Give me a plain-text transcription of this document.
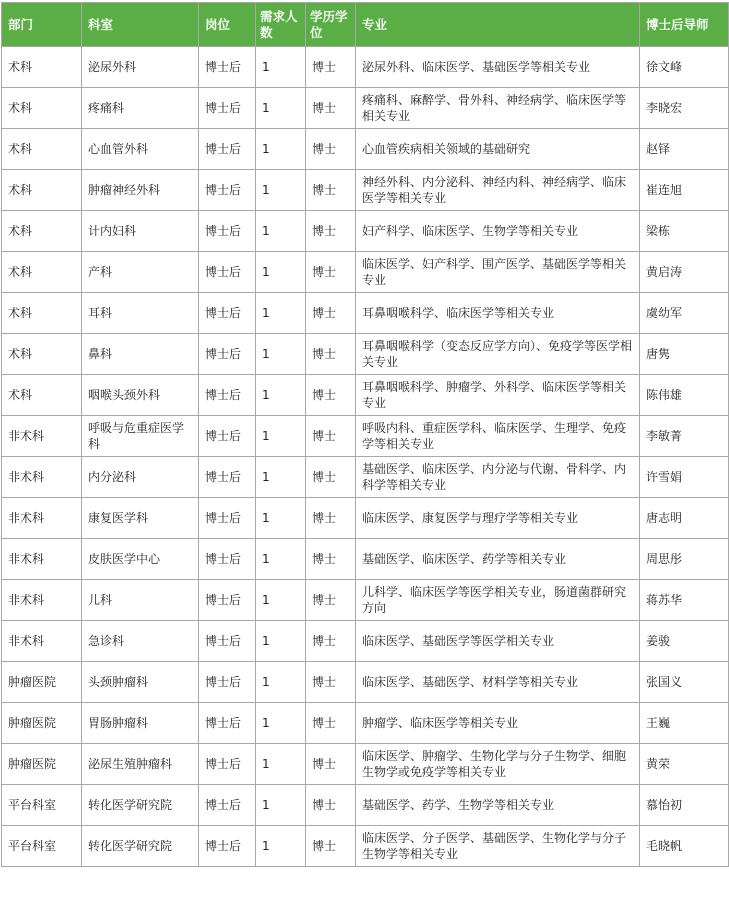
部门	科室	岗位	需求人数	学历学位	专业	博士后导师
术科	泌尿外科	博士后	1	博士	泌尿外科、临床医学、基础医学等相关专业	徐文峰
术科	疼痛科	博士后	1	博士	疼痛科、麻醉学、骨外科、神经病学、临床医学等相关专业	李晓宏
术科	心血管外科	博士后	1	博士	心血管疾病相关领域的基础研究	赵铎
术科	肿瘤神经外科	博士后	1	博士	神经外科、内分泌科、神经内科、神经病学、临床医学等相关专业	崔连旭
术科	计内妇科	博士后	1	博士	妇产科学、临床医学、生物学等相关专业	梁栋
术科	产科	博士后	1	博士	临床医学、妇产科学、围产医学、基础医学等相关专业	黄启涛
术科	耳科	博士后	1	博士	耳鼻咽喉科学、临床医学等相关专业	虞幼军
术科	鼻科	博士后	1	博士	耳鼻咽喉科学（变态反应学方向）、免疫学等医学相关专业	唐隽
术科	咽喉头颈外科	博士后	1	博士	耳鼻咽喉科学、肿瘤学、外科学、临床医学等相关专业	陈伟雄
非术科	呼吸与危重症医学科	博士后	1	博士	呼吸内科、重症医学科、临床医学、生理学、免疫学等相关专业	李敏菁
非术科	内分泌科	博士后	1	博士	基础医学、临床医学、内分泌与代谢、骨科学、内科学等相关专业	许雪娟
非术科	康复医学科	博士后	1	博士	临床医学、康复医学与理疗学等相关专业	唐志明
非术科	皮肤医学中心	博士后	1	博士	基础医学、临床医学、药学等相关专业	周思彤
非术科	儿科	博士后	1	博士	儿科学、临床医学等医学相关专业，肠道菌群研究方向	蒋苏华
非术科	急诊科	博士后	1	博士	临床医学、基础医学等医学相关专业	姜骏
肿瘤医院	头颈肿瘤科	博士后	1	博士	临床医学、基础医学、材料学等相关专业	张国义
肿瘤医院	胃肠肿瘤科	博士后	1	博士	肿瘤学、临床医学等相关专业	王巍
肿瘤医院	泌尿生殖肿瘤科	博士后	1	博士	临床医学、肿瘤学、生物化学与分子生物学、细胞生物学或免疫学等相关专业	黄荣
平台科室	转化医学研究院	博士后	1	博士	基础医学、药学、生物学等相关专业	慕怡初
平台科室	转化医学研究院	博士后	1	博士	临床医学、分子医学、基础医学、生物化学与分子生物学等相关专业	毛晓帆
